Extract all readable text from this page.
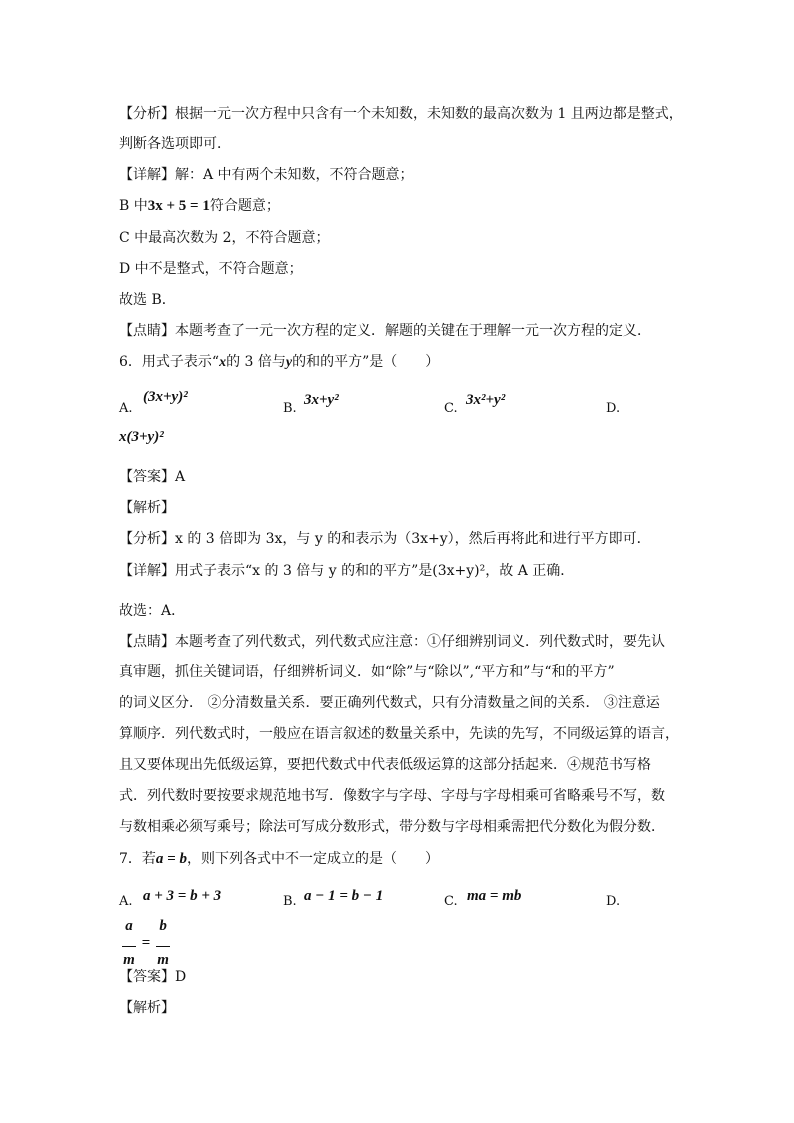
【分析】根据一元一次方程中只含有一个未知数，未知数的最高次数为 1 且两边都是整式，
判断各选项即可．
【详解】解：A 中有两个未知数，不符合题意；
B 中3x + 5 = 1符合题意；
C 中最高次数为 2，不符合题意；
D 中不是整式，不符合题意；
故选 B．
【点睛】本题考查了一元一次方程的定义．解题的关键在于理解一元一次方程的定义．
6．用式子表示“x的 3 倍与y的和的平方”是（　　）
A.
(3x+y)²
B.
3x+y²
C.
3x²+y²
D.
x(3+y)²
【答案】A
【解析】
【分析】x 的 3 倍即为 3x，与 y 的和表示为（3x+y），然后再将此和进行平方即可．
【详解】用式子表示“x 的 3 倍与 y 的和的平方”是(3x+y)²，故 A 正确．
故选：A．
【点睛】本题考查了列代数式，列代数式应注意：①仔细辨别词义．列代数式时，要先认
真审题，抓住关键词语，仔细辨析词义．如“除”与“除以”,“平方和”与“和的平方”
的词义区分． ②分清数量关系．要正确列代数式，只有分清数量之间的关系． ③注意运
算顺序．列代数式时，一般应在语言叙述的数量关系中，先读的先写，不同级运算的语言，
且又要体现出先低级运算，要把代数式中代表低级运算的这部分括起来．④规范书写格
式．列代数时要按要求规范地书写．像数字与字母、字母与字母相乘可省略乘号不写，数
与数相乘必须写乘号；除法可写成分数形式，带分数与字母相乘需把代分数化为假分数．
7．若a = b，则下列各式中不一定成立的是（　　）
A. a + 3 = b + 3	B. a − 1 = b − 1	C. ma = mb	D.
$\frac{a}{m} = \frac{b}{m}$
【答案】D
【解析】
